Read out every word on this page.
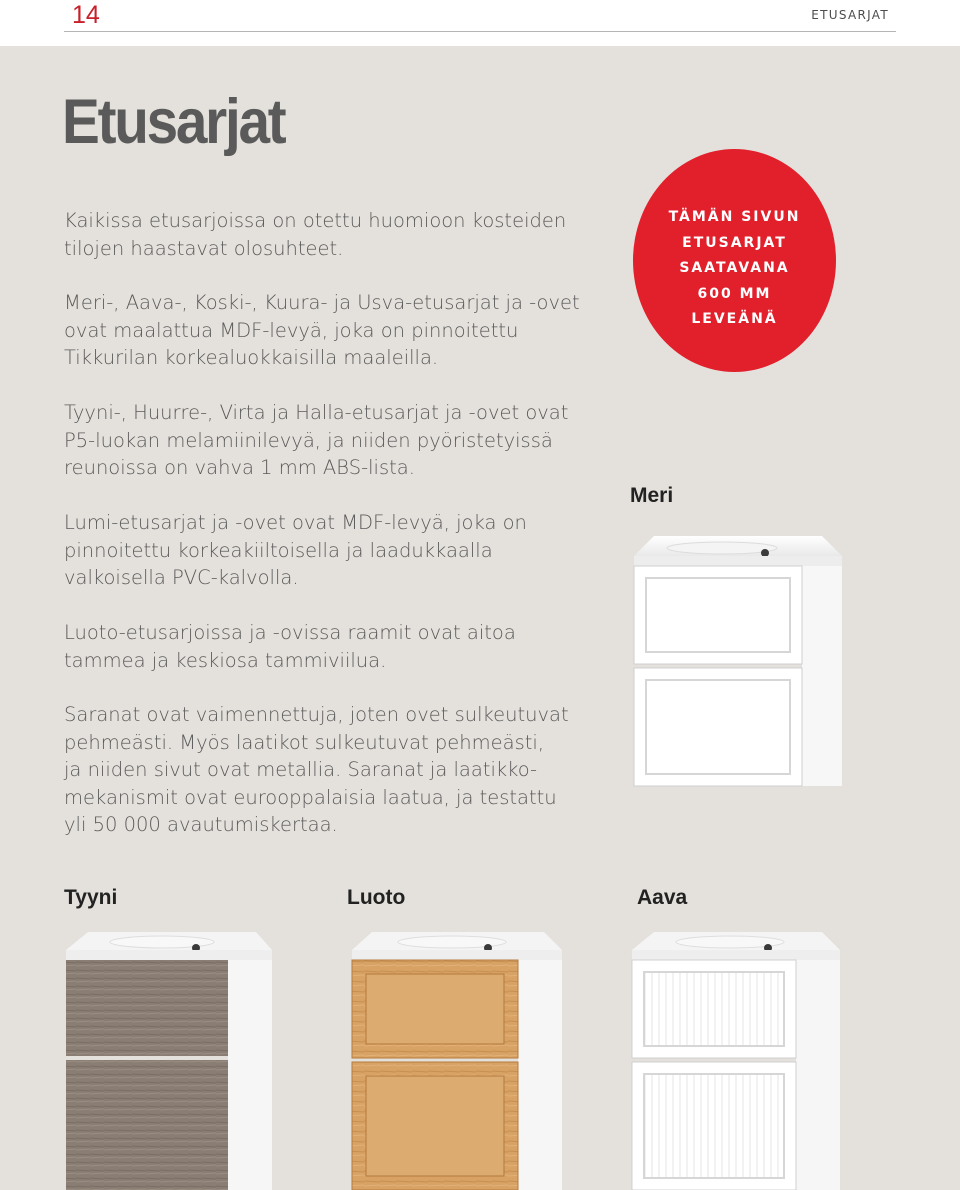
14	ETUSARJAT
Etusarjat

Kaikissa etusarjoissa on otettu huomioon kosteiden
tilojen haastavat olosuhteet.

Meri-, Aava-, Koski-, Kuura- ja Usva-etusarjat ja -ovet
ovat maalattua MDF-levyä, joka on pinnoitettu
Tikkurilan korkealuokkaisilla maaleilla.

Tyyni-, Huurre-, Virta ja Halla-etusarjat ja -ovet ovat
P5-luokan melamiinilevyä, ja niiden pyöristetyissä
reunoissa on vahva 1 mm ABS-lista.

Lumi-etusarjat ja -ovet ovat MDF-levyä, joka on
pinnoitettu korkeakiiltoisella ja laadukkaalla
valkoisella PVC-kalvolla.

Luoto-etusarjoissa ja -ovissa raamit ovat aitoa
tammea ja keskiosa tammiviilua.

Saranat ovat vaimennettuja, joten ovet sulkeutuvat
pehmeästi. Myös laatikot sulkeutuvat pehmeästi,
ja niiden sivut ovat metallia. Saranat ja laatikko-
mekanismit ovat eurooppalaisia laatua, ja testattu
yli 50 000 avautumiskertaa.

TÄMÄN SIVUN
ETUSARJAT
SAATAVANA
600 MM
LEVEÄNÄ
Meri
Tyyni	Luoto	Aava
